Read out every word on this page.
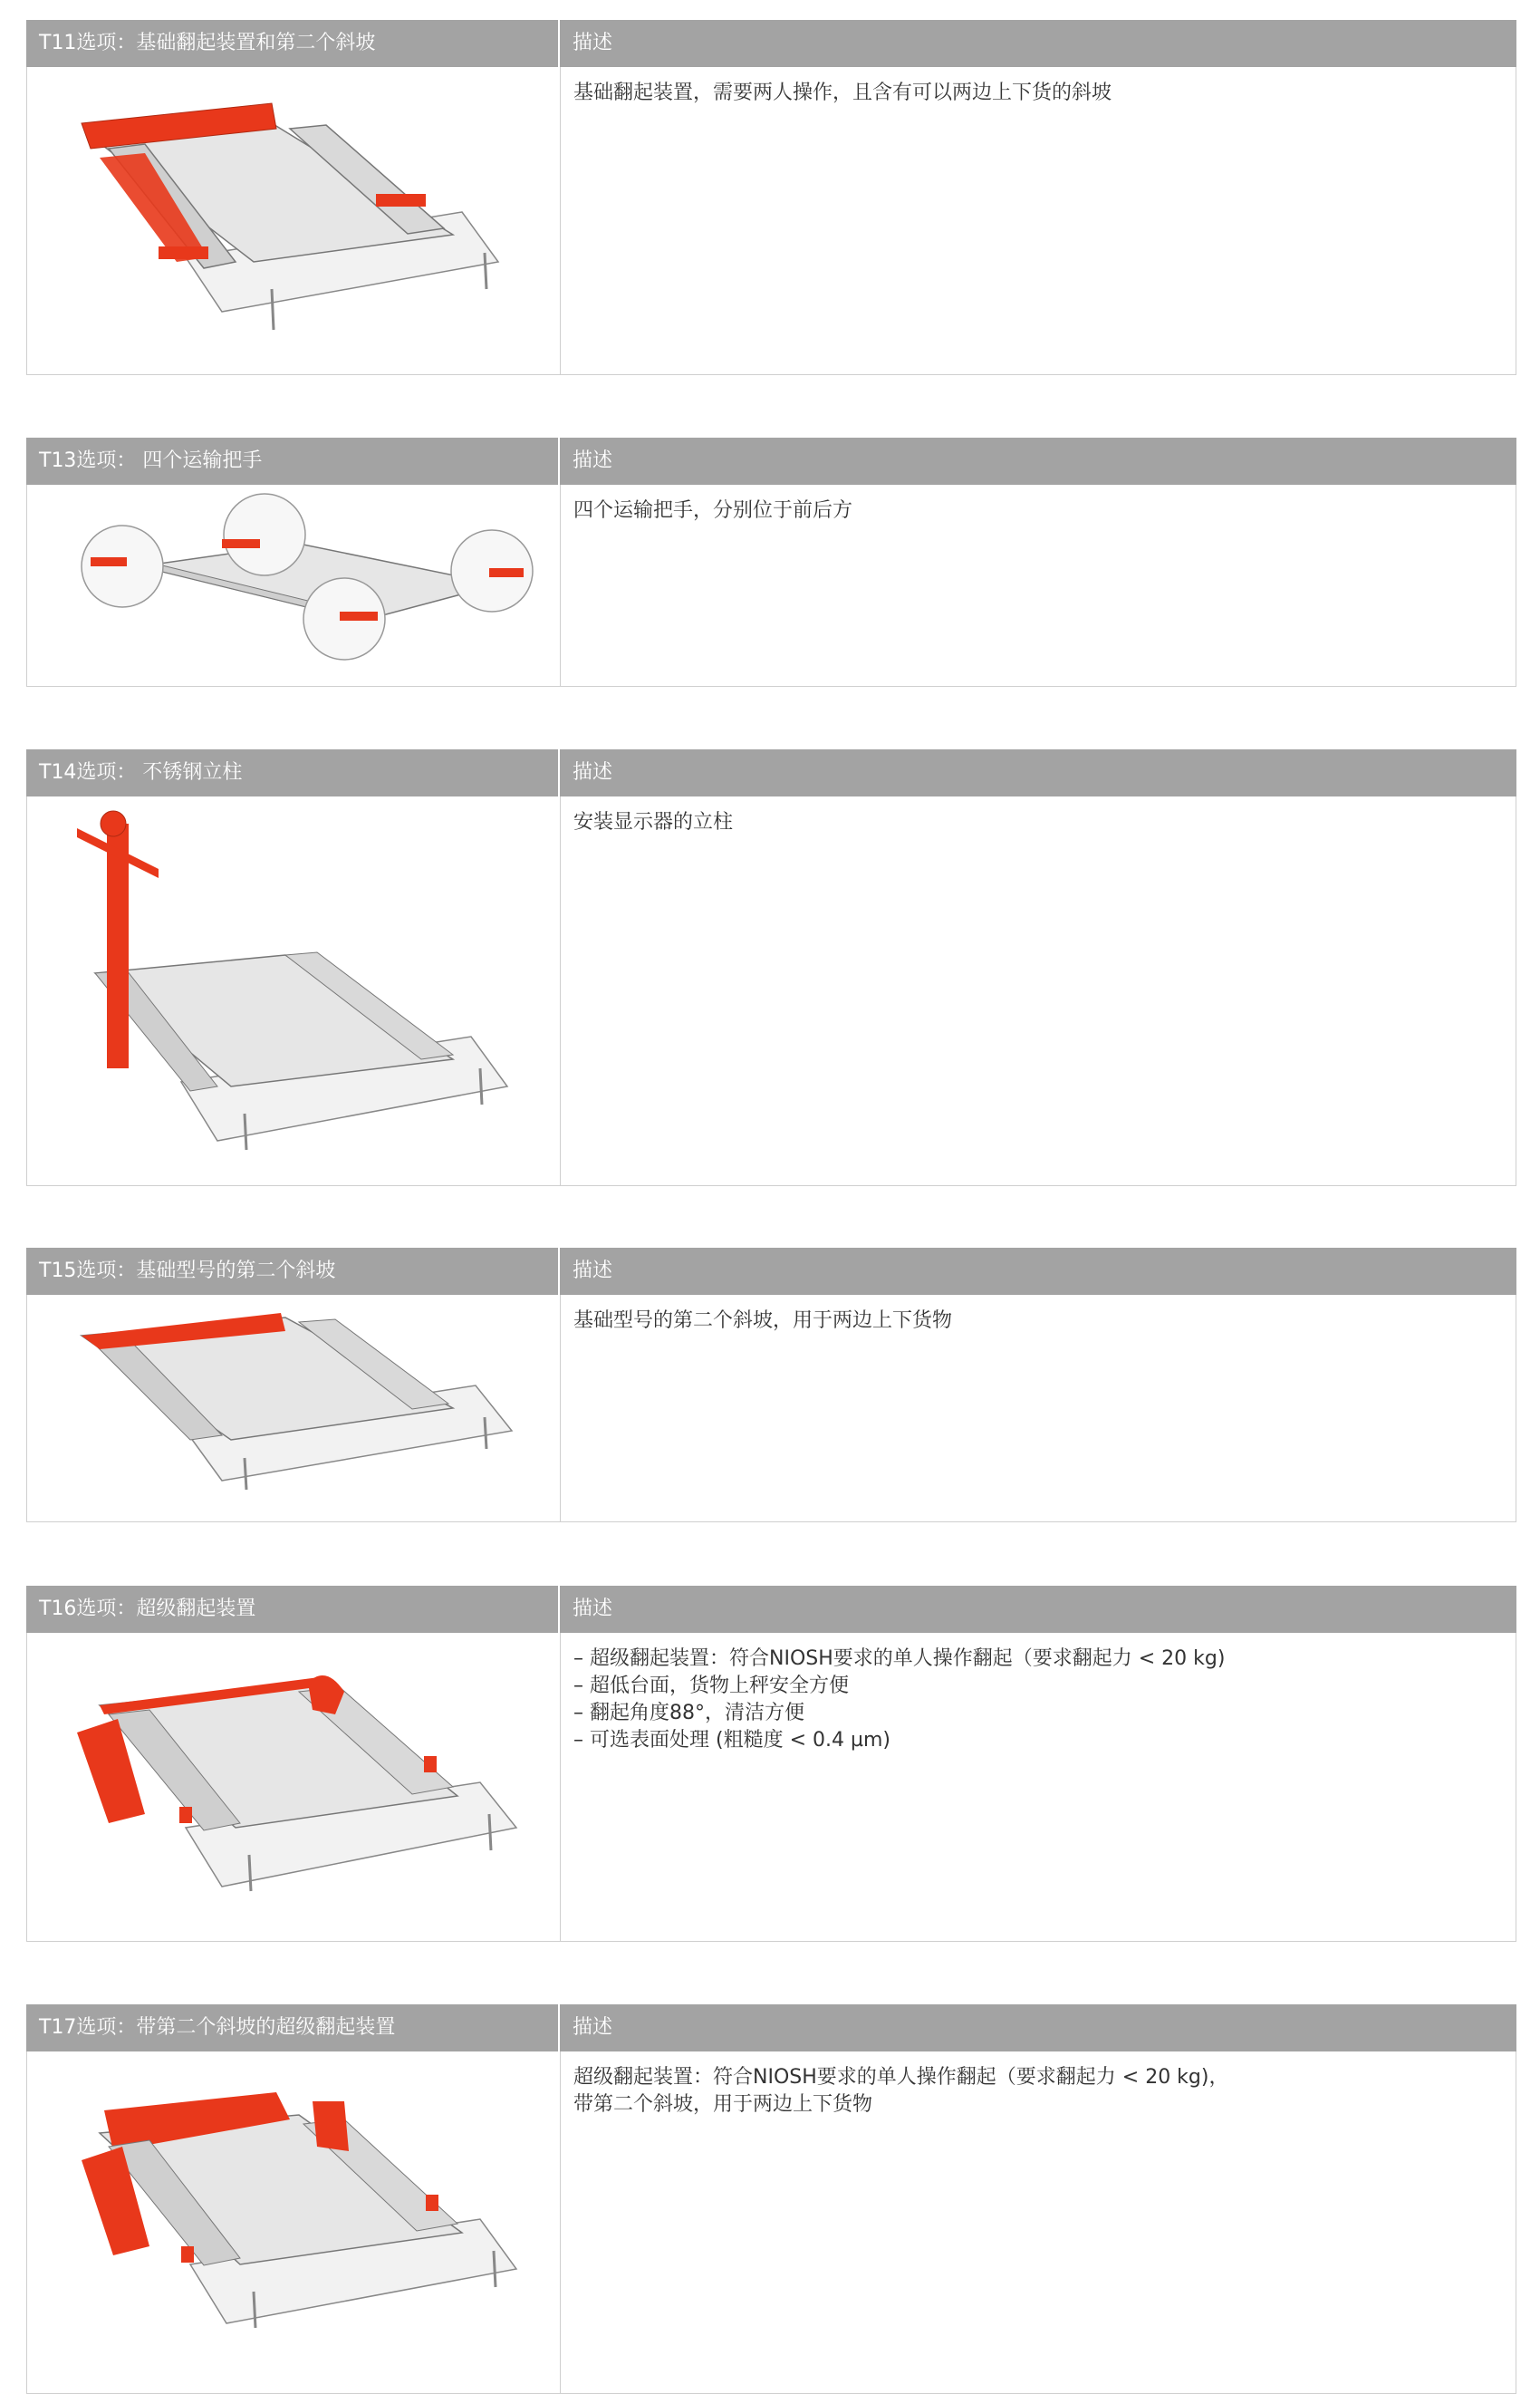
T11选项：基础翻起装置和第二个斜坡	描述
基础翻起装置，需要两人操作，且含有可以两边上下货的斜坡
T13选项： 四个运输把手	描述
四个运输把手，分别位于前后方
T14选项： 不锈钢立柱	描述
安装显示器的立柱
T15选项：基础型号的第二个斜坡	描述
基础型号的第二个斜坡，用于两边上下货物
T16选项：超级翻起装置	描述
– 超级翻起装置：符合NIOSH要求的单人操作翻起（要求翻起力 < 20 kg)
– 超低台面，货物上秤安全方便
– 翻起角度88°，清洁方便
– 可选表面处理 (粗糙度 < 0.4 µm)
T17选项：带第二个斜坡的超级翻起装置	描述
超级翻起装置：符合NIOSH要求的单人操作翻起（要求翻起力 < 20 kg)，
带第二个斜坡，用于两边上下货物
